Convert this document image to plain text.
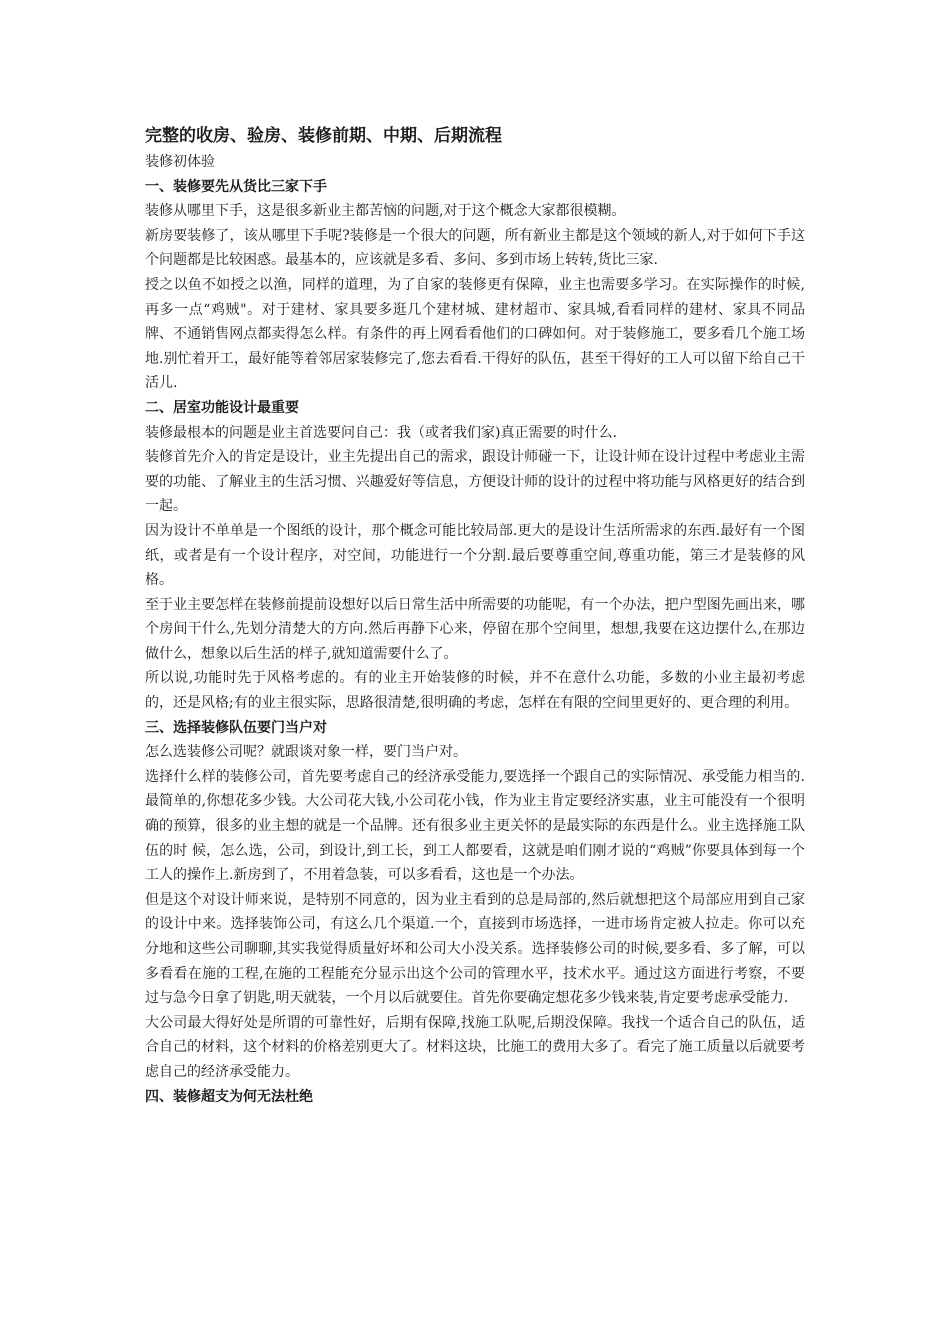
完整的收房、验房、装修前期、中期、后期流程

装修初体验

一、装修要先从货比三家下手

装修从哪里下手，这是很多新业主都苦恼的问题,对于这个概念大家都很模糊。

新房要装修了，该从哪里下手呢?装修是一个很大的问题，所有新业主都是这个领域的新人,对于如何下手这个问题都是比较困惑。最基本的，应该就是多看、多问、多到市场上转转,货比三家.

授之以鱼不如授之以渔，同样的道理，为了自家的装修更有保障，业主也需要多学习。在实际操作的时候,再多一点“鸡贼"。对于建材、家具要多逛几个建材城、建材超市、家具城,看看同样的建材、家具不同品牌、不通销售网点都卖得怎么样。有条件的再上网看看他们的口碑如何。对于装修施工，要多看几个施工场地.别忙着开工，最好能等着邻居家装修完了,您去看看.干得好的队伍，甚至干得好的工人可以留下给自己干活儿.

二、居室功能设计最重要

装修最根本的问题是业主首选要问自己：我（或者我们家)真正需要的时什么.

装修首先介入的肯定是设计，业主先提出自己的需求，跟设计师碰一下，让设计师在设计过程中考虑业主需要的功能、了解业主的生活习惯、兴趣爱好等信息，方便设计师的设计的过程中将功能与风格更好的结合到一起。

因为设计不单单是一个图纸的设计，那个概念可能比较局部.更大的是设计生活所需求的东西.最好有一个图纸，或者是有一个设计程序，对空间，功能进行一个分割.最后要尊重空间,尊重功能，第三才是装修的风格。

至于业主要怎样在装修前提前设想好以后日常生活中所需要的功能呢，有一个办法，把户型图先画出来，哪个房间干什么,先划分清楚大的方向.然后再静下心来，停留在那个空间里，想想,我要在这边摆什么,在那边做什么，想象以后生活的样子,就知道需要什么了。

所以说,功能时先于风格考虑的。有的业主开始装修的时候，并不在意什么功能，多数的小业主最初考虑的，还是风格;有的业主很实际，思路很清楚,很明确的考虑，怎样在有限的空间里更好的、更合理的利用。

三、选择装修队伍要门当户对

怎么选装修公司呢？就跟谈对象一样，要门当户对。

选择什么样的装修公司，首先要考虑自己的经济承受能力,要选择一个跟自己的实际情况、承受能力相当的.最简单的,你想花多少钱。大公司花大钱,小公司花小钱，作为业主肯定要经济实惠，业主可能没有一个很明确的预算，很多的业主想的就是一个品牌。还有很多业主更关怀的是最实际的东西是什么。业主选择施工队伍的时 候，怎么选，公司，到设计,到工长，到工人都要看，这就是咱们刚才说的“鸡贼”你要具体到每一个工人的操作上.新房到了，不用着急装，可以多看看，这也是一个办法。

但是这个对设计师来说，是特别不同意的，因为业主看到的总是局部的,然后就想把这个局部应用到自己家的设计中来。选择装饰公司，有这么几个渠道.一个，直接到市场选择，一进市场肯定被人拉走。你可以充分地和这些公司聊聊,其实我觉得质量好坏和公司大小没关系。选择装修公司的时候,要多看、多了解，可以多看看在施的工程,在施的工程能充分显示出这个公司的管理水平，技术水平。通过这方面进行考察，不要过与急今日拿了钥匙,明天就装，一个月以后就要住。首先你要确定想花多少钱来装,肯定要考虑承受能力.

大公司最大得好处是所谓的可靠性好，后期有保障,找施工队呢,后期没保障。我找一个适合自己的队伍，适合自己的材料，这个材料的价格差别更大了。材料这块，比施工的费用大多了。看完了施工质量以后就要考虑自己的经济承受能力。

四、装修超支为何无法杜绝
